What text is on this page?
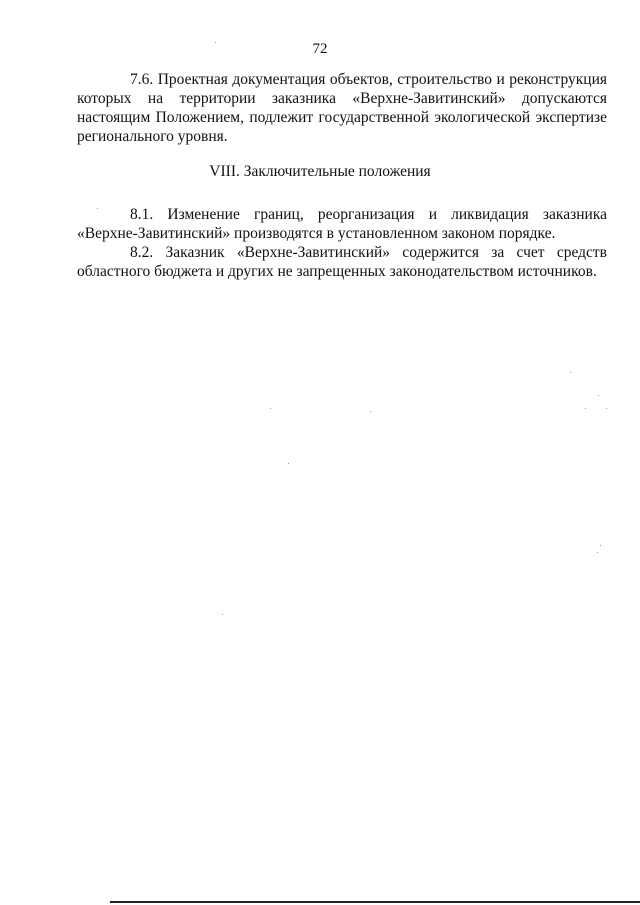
72

7.6. Проектная документация объектов, строительство и реконструкция которых на территории заказника «Верхне-Завитинский» допускаются настоящим Положением, подлежит государственной экологической экспертизе регионального уровня.

VIII. Заключительные положения

8.1. Изменение границ, реорганизация и ликвидация заказника «Верхне-Завитинский» производятся в установленном законом порядке.

8.2. Заказник «Верхне-Завитинский» содержится за счет средств областного бюджета и других не запрещенных законодательством источников.
